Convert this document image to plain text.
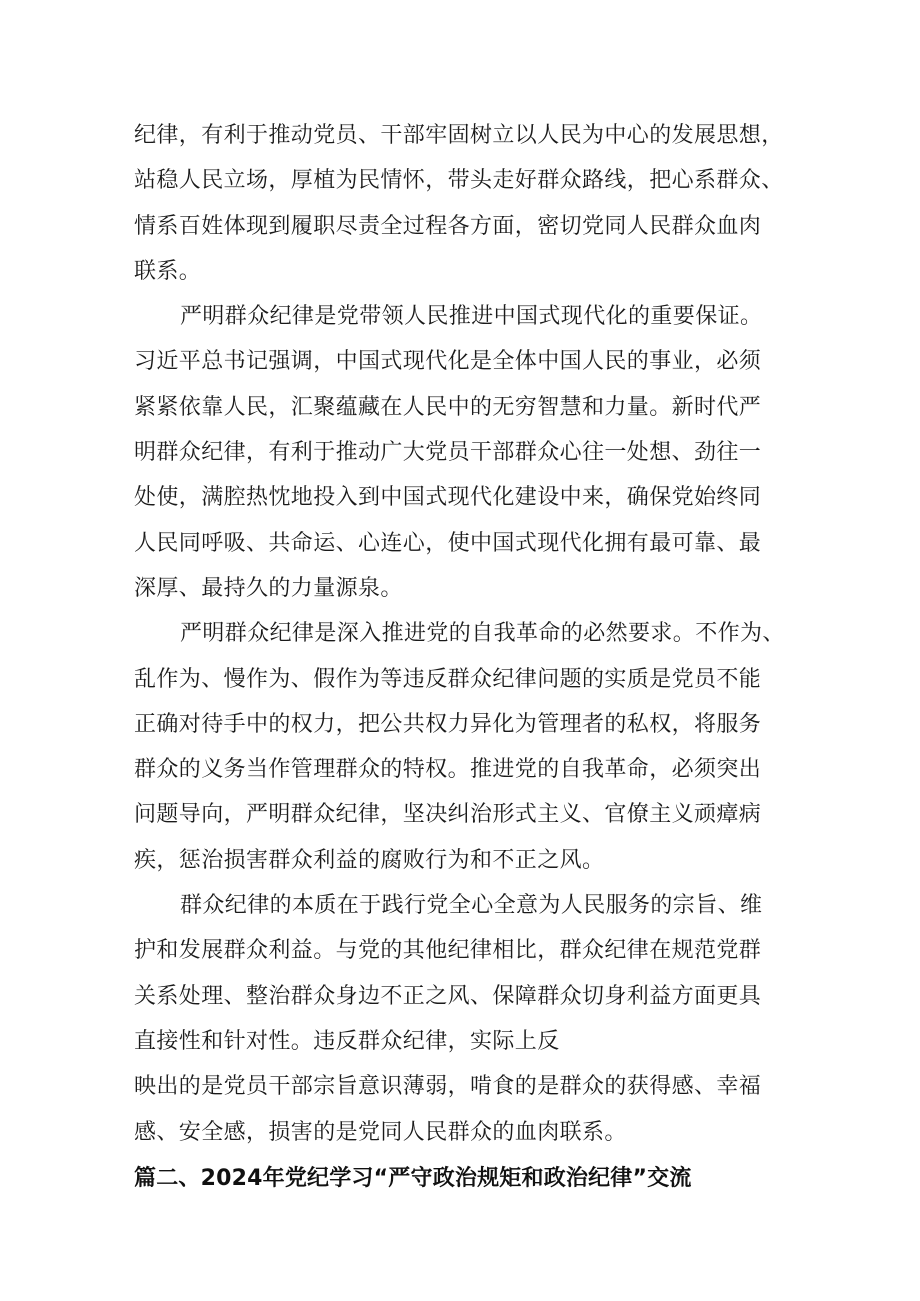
纪律，有利于推动党员、干部牢固树立以人民为中心的发展思想，
站稳人民立场，厚植为民情怀，带头走好群众路线，把心系群众、
情系百姓体现到履职尽责全过程各方面，密切党同人民群众血肉
联系。
严明群众纪律是党带领人民推进中国式现代化的重要保证。
习近平总书记强调，中国式现代化是全体中国人民的事业，必须
紧紧依靠人民，汇聚蕴藏在人民中的无穷智慧和力量。新时代严
明群众纪律，有利于推动广大党员干部群众心往一处想、劲往一
处使，满腔热忱地投入到中国式现代化建设中来，确保党始终同
人民同呼吸、共命运、心连心，使中国式现代化拥有最可靠、最
深厚、最持久的力量源泉。
严明群众纪律是深入推进党的自我革命的必然要求。不作为、
乱作为、慢作为、假作为等违反群众纪律问题的实质是党员不能
正确对待手中的权力，把公共权力异化为管理者的私权，将服务
群众的义务当作管理群众的特权。推进党的自我革命，必须突出
问题导向，严明群众纪律，坚决纠治形式主义、官僚主义顽瘴病
疾，惩治损害群众利益的腐败行为和不正之风。
群众纪律的本质在于践行党全心全意为人民服务的宗旨、维
护和发展群众利益。与党的其他纪律相比，群众纪律在规范党群
关系处理、整治群众身边不正之风、保障群众切身利益方面更具
直接性和针对性。违反群众纪律，实际上反
映出的是党员干部宗旨意识薄弱，啃食的是群众的获得感、幸福
感、安全感，损害的是党同人民群众的血肉联系。
篇二、2024年党纪学习“严守政治规矩和政治纪律”交流
